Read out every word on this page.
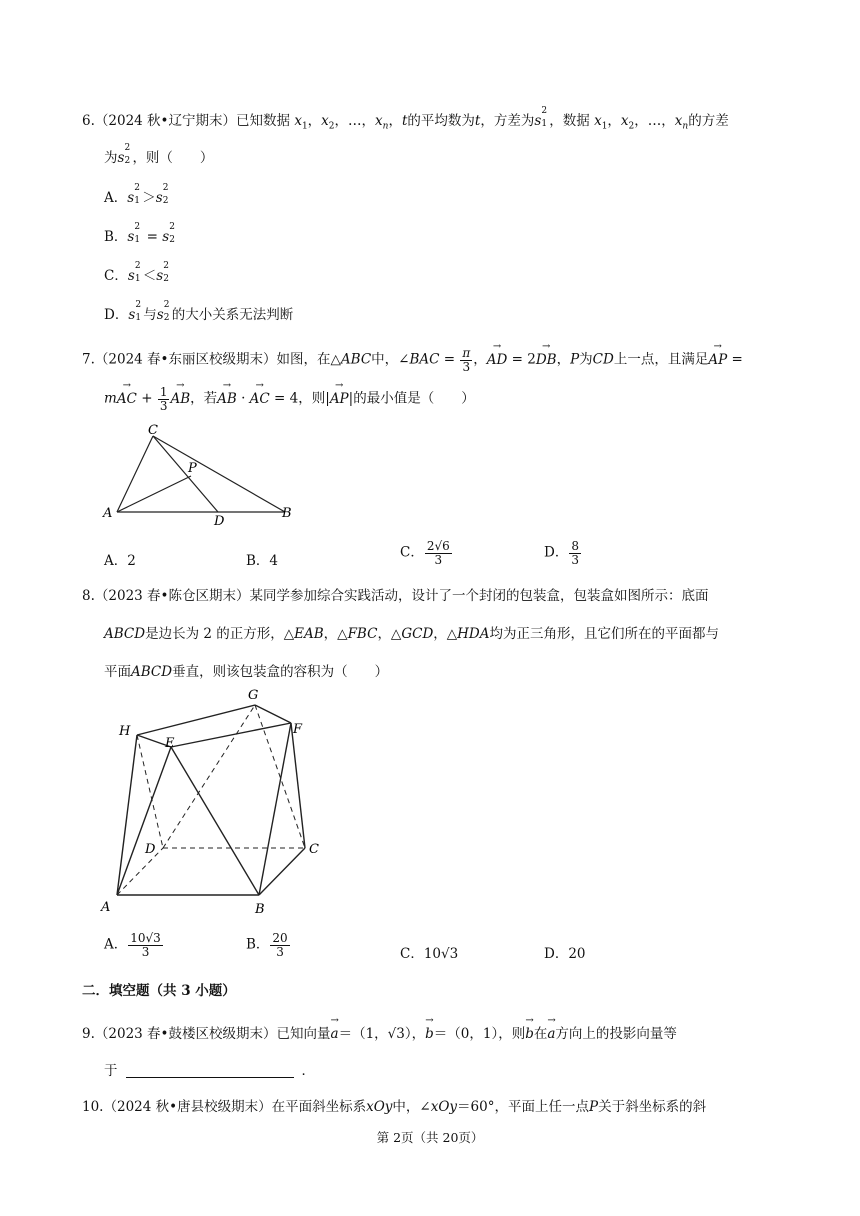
6.（2024 秋•辽宁期末）已知数据 $x_1$，$x_2$，…，$x_n$，t的平均数为t，方差为s
2
1 ，数据 $x_1$，$x_2$，…，$x_n$的方差
为s
2
2 ，则（　　）
A．s
2
1 ＞s
2
2
B．s
2
1 = s
2
2
C．s
2
1 ＜s
2
2
D．s
2
1 与s
2
2 的大小关系无法判断
7.（2024 春•东丽区校级期末）如图，在△ABC中，∠BAC = $\frac{\pi}{3}$ ，→ AD = 2→ DB，P为CD上一点，且满足→ AP =
m→ AC + $\frac{1}{3}$
→ AB，若→ AB · → AC = 4，则|→ AP|的最小值是（　　）
C
P
A
D
B
A．2	B．4
C． $\frac{2√6}{3}$	D． $\frac{8}{3}$
8.（2023 春•陈仓区期末）某同学参加综合实践活动，设计了一个封闭的包装盒，包装盒如图所示：底面
ABCD是边长为 2 的正方形，△EAB，△FBC，△GCD，△HDA均为正三角形，且它们所在的平面都与
平面ABCD垂直，则该包装盒的容积为（　　）
G
H
E
F
D	C
A	B
A． $\frac{10√3}{3}$	B． $\frac{20}{3}$	C．10√3	D．20
二．填空题（共 3 小题）
9.（2023 春•鼓楼区校级期末）已知向量→ a＝（1，√3），→ b＝（0，1），则→ b在→ a方向上的投影向量等
于	．
10.（2024 秋•唐县校级期末）在平面斜坐标系xOy中，∠xOy＝60°，平面上任一点P关于斜坐标系的斜
第 2页（共 20页）
